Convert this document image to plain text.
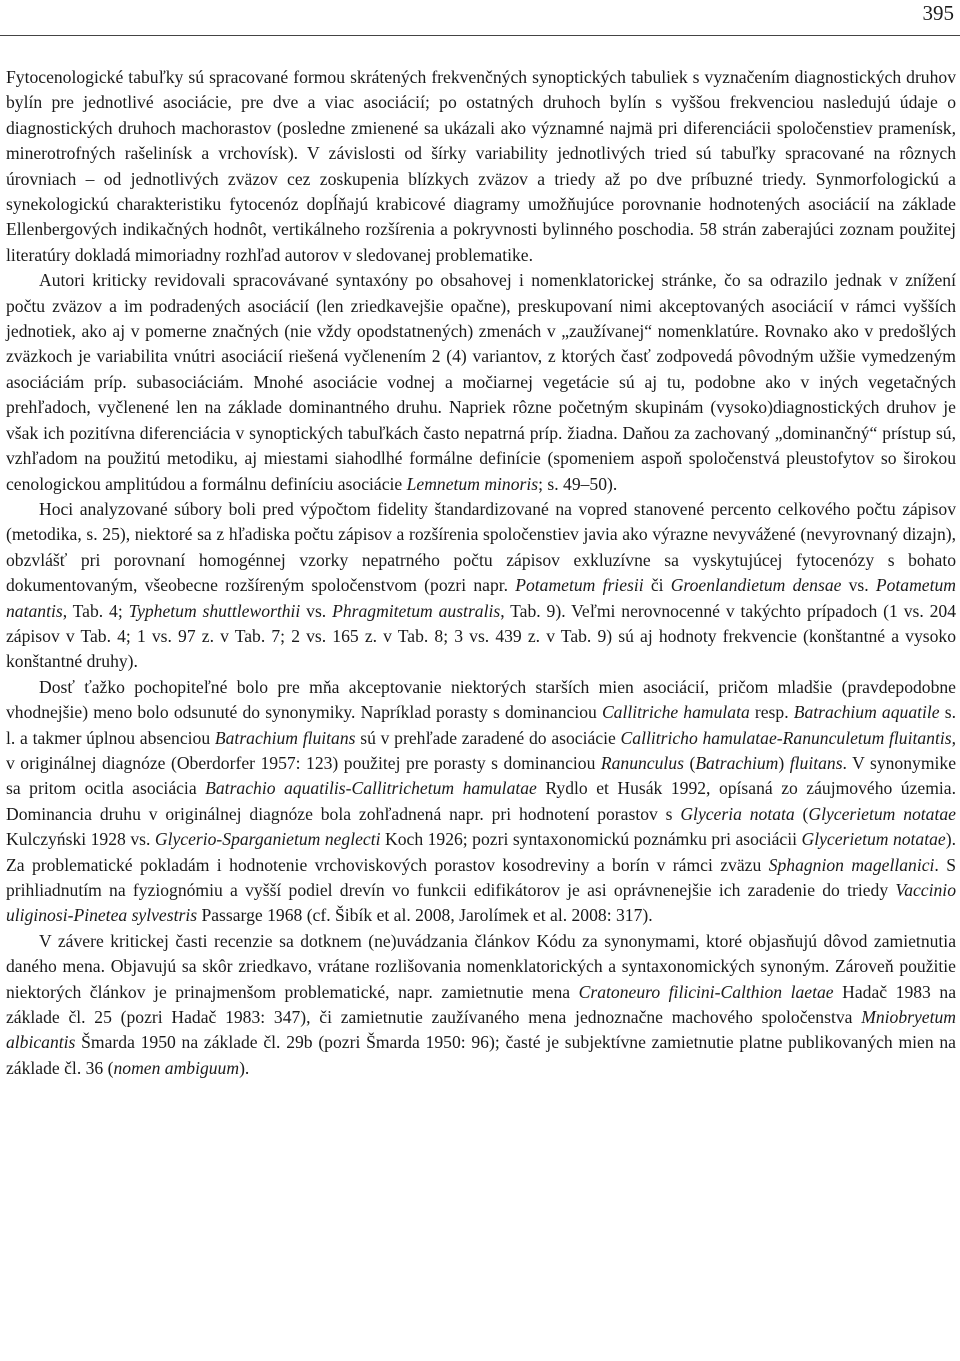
395

Fytocenologické tabuľky sú spracované formou skrátených frekvenčných synoptických tabuliek s vyznačením diagnostických druhov bylín pre jednotlivé asociácie, pre dve a viac asociácií; po ostatných druhoch bylín s vyššou frekvenciou nasledujú údaje o diagnostických druhoch machorastov (posledne zmienené sa ukázali ako významné najmä pri diferenciácii spoločenstiev pramenísk, minerotrofných rašelinísk a vrchovísk). V závislosti od šírky variability jednotlivých tried sú tabuľky spracované na rôznych úrovniach – od jednotlivých zväzov cez zoskupenia blízkych zväzov a triedy až po dve príbuzné triedy. Synmorfologickú a synekologickú charakteristiku fytocenóz dopĺňajú krabicové diagramy umožňujúce porovnanie hodnotených asociácií na základe Ellenbergových indikačných hodnôt, vertikálneho rozšírenia a pokryvnosti bylinného poschodia. 58 strán zaberajúci zoznam použitej literatúry dokladá mimoriadny rozhľad autorov v sledovanej problematike.

Autori kriticky revidovali spracovávané syntaxóny po obsahovej i nomenklatorickej stránke, čo sa odrazilo jednak v znížení počtu zväzov a im podradených asociácií (len zriedkavejšie opačne), preskupovaní nimi akceptovaných asociácií v rámci vyšších jednotiek, ako aj v pomerne značných (nie vždy opodstatnených) zmenách v „zaužívanej“ nomenklatúre. Rovnako ako v predošlých zväzkoch je variabilita vnútri asociácií riešená vyčlenením 2 (4) variantov, z ktorých časť zodpovedá pôvodným užšie vymedzeným asociáciám príp. subasociáciám. Mnohé asociácie vodnej a močiarnej vegetácie sú aj tu, podobne ako v iných vegetačných prehľadoch, vyčlenené len na základe dominantného druhu. Napriek rôzne početným skupinám (vysoko)diagnostických druhov je však ich pozitívna diferenciácia v synoptických tabuľkách často nepatrná príp. žiadna. Daňou za zachovaný „dominančný“ prístup sú, vzhľadom na použitú metodiku, aj miestami siahodlhé formálne definície (spomeniem aspoň spoločenstvá pleustofytov so širokou cenologickou amplitúdou a formálnu definíciu asociácie Lemnetum minoris; s. 49–50).

Hoci analyzované súbory boli pred výpočtom fidelity štandardizované na vopred stanovené percento celkového počtu zápisov (metodika, s. 25), niektoré sa z hľadiska počtu zápisov a rozšírenia spoločenstiev javia ako výrazne nevyvážené (nevyrovnaný dizajn), obzvlášť pri porovnaní homogénnej vzorky nepatrného počtu zápisov exkluzívne sa vyskytujúcej fytocenózy s bohato dokumentovaným, všeobecne rozšíreným spoločenstvom (pozri napr. Potametum friesii či Groenlandietum densae vs. Potametum natantis, Tab. 4; Typhetum shuttleworthii vs. Phragmitetum australis, Tab. 9). Veľmi nerovnocenné v takýchto prípadoch (1 vs. 204 zápisov v Tab. 4; 1 vs. 97 z. v Tab. 7; 2 vs. 165 z. v Tab. 8; 3 vs. 439 z. v Tab. 9) sú aj hodnoty frekvencie (konštantné a vysoko konštantné druhy).

Dosť ťažko pochopiteľné bolo pre mňa akceptovanie niektorých starších mien asociácií, pričom mladšie (pravdepodobne vhodnejšie) meno bolo odsunuté do synonymiky. Napríklad porasty s dominanciou Callitriche hamulata resp. Batrachium aquatile s. l. a takmer úplnou absenciou Batrachium fluitans sú v prehľade zaradené do asociácie Callitricho hamulatae-Ranunculetum fluitantis, v originálnej diagnóze (Oberdorfer 1957: 123) použitej pre porasty s dominanciou Ranunculus (Batrachium) fluitans. V synonymike sa pritom ocitla asociácia Batrachio aquatilis-Callitrichetum hamulatae Rydlo et Husák 1992, opísaná zo záujmového územia. Dominancia druhu v originálnej diagnóze bola zohľadnená napr. pri hodnotení porastov s Glyceria notata (Glycerietum notatae Kulczyński 1928 vs. Glycerio-Sparganietum neglecti Koch 1926; pozri syntaxonomickú poznámku pri asociácii Glycerietum notatae). Za problematické pokladám i hodnotenie vrchoviskových porastov kosodreviny a borín v rámci zväzu Sphagnion magellanici. S prihliadnutím na fyziognómiu a vyšší podiel drevín vo funkcii edifikátorov je asi oprávnenejšie ich zaradenie do triedy Vaccinio uliginosi-Pinetea sylvestris Passarge 1968 (cf. Šibík et al. 2008, Jarolímek et al. 2008: 317).

V závere kritickej časti recenzie sa dotknem (ne)uvádzania článkov Kódu za synonymami, ktoré objasňujú dôvod zamietnutia daného mena. Objavujú sa skôr zriedkavo, vrátane rozlišovania nomenklatorických a syntaxonomických synoným. Zároveň použitie niektorých článkov je prinajmenšom problematické, napr. zamietnutie mena Cratoneuro filicini-Calthion laetae Hadač 1983 na základe čl. 25 (pozri Hadač 1983: 347), či zamietnutie zaužívaného mena jednoznačne machového spoločenstva Mniobryetum albicantis Šmarda 1950 na základe čl. 29b (pozri Šmarda 1950: 96); časté je subjektívne zamietnutie platne publikovaných mien na základe čl. 36 (nomen ambiguum).
